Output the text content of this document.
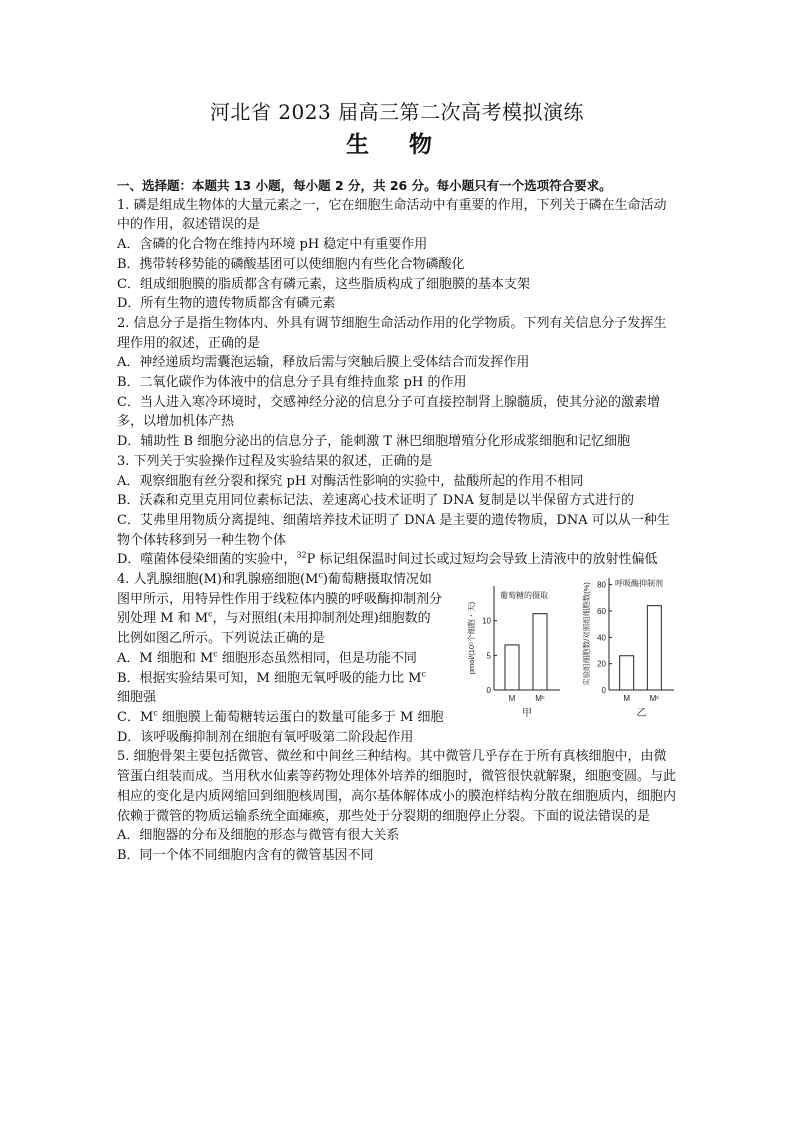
河北省 2023 届高三第二次高考模拟演练
生 物

一、选择题：本题共 13 小题，每小题 2 分，共 26 分。每小题只有一个选项符合要求。

1. 磷是组成生物体的大量元素之一，它在细胞生命活动中有重要的作用，下列关于磷在生命活动中的作用，叙述错误的是

A．含磷的化合物在维持内环境 pH 稳定中有重要作用

B．携带转移势能的磷酸基团可以使细胞内有些化合物磷酸化

C．组成细胞膜的脂质都含有磷元素，这些脂质构成了细胞膜的基本支架

D．所有生物的遗传物质都含有磷元素

2. 信息分子是指生物体内、外具有调节细胞生命活动作用的化学物质。下列有关信息分子发挥生理作用的叙述，正确的是

A．神经递质均需囊泡运输，释放后需与突触后膜上受体结合而发挥作用

B．二氧化碳作为体液中的信息分子具有维持血浆 pH 的作用

C．当人进入寒冷环境时，交感神经分泌的信息分子可直接控制肾上腺髓质，使其分泌的激素增多，以增加机体产热

D．辅助性 B 细胞分泌出的信息分子，能刺激 T 淋巴细胞增殖分化形成浆细胞和记忆细胞

3. 下列关于实验操作过程及实验结果的叙述，正确的是

A．观察细胞有丝分裂和探究 pH 对酶活性影响的实验中，盐酸所起的作用不相同

B．沃森和克里克用同位素标记法、差速离心技术证明了 DNA 复制是以半保留方式进行的

C．艾弗里用物质分离提纯、细菌培养技术证明了 DNA 是主要的遗传物质，DNA 可以从一种生物个体转移到另一种生物个体

D．噬菌体侵染细菌的实验中，$^{32}$P 标记组保温时间过长或过短均会导致上清液中的放射性偏低

4. 人乳腺细胞(M)和乳腺癌细胞$(M^c)$葡萄糖摄取情况如图甲所示，用特异性作用于线粒体内膜的呼吸酶抑制剂分别处理 M 和 $M^c$，与对照组(未用抑制剂处理)细胞数的比例如图乙所示。下列说法正确的是

A．M 细胞和 $M^c$ 细胞形态虽然相同，但是功能不同

B．根据实验结果可知，M 细胞无氧呼吸的能力比 $M^c$ 细胞强	0
5
10
M Mᶜ
葡萄糖的摄取
pmol/(10⁵个细胞・天)
甲
0
20
40
60
80
M Mᶜ
呼吸酶抑制剂
实验组细胞数/对照组细胞数(%)
乙

C．$M^c$ 细胞膜上葡萄糖转运蛋白的数量可能多于 M 细胞

D．该呼吸酶抑制剂在细胞有氧呼吸第二阶段起作用

5. 细胞骨架主要包括微管、微丝和中间丝三种结构。其中微管几乎存在于所有真核细胞中，由微管蛋白组装而成。当用秋水仙素等药物处理体外培养的细胞时，微管很快就解聚，细胞变圆。与此相应的变化是内质网缩回到细胞核周围，高尔基体解体成小的膜泡样结构分散在细胞质内，细胞内依赖于微管的物质运输系统全面瘫痪，那些处于分裂期的细胞停止分裂。下面的说法错误的是

A．细胞器的分布及细胞的形态与微管有很大关系

B．同一个体不同细胞内含有的微管基因不同
